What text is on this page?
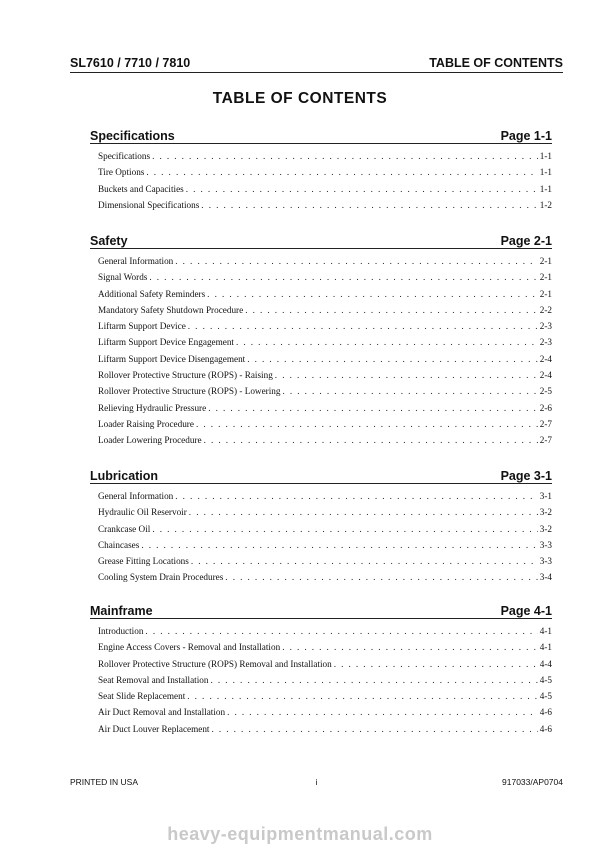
SL7610 / 7710 / 7810	TABLE OF CONTENTS
TABLE OF CONTENTS
Specifications	Page 1-1
Specifications . . .	1-1
Tire Options . . .	1-1
Buckets and Capacities . . .	1-1
Dimensional Specifications . . .	1-2
Safety	Page 2-1
General Information . . .	2-1
Signal Words . . .	2-1
Additional Safety Reminders . . .	2-1
Mandatory Safety Shutdown Procedure . . .	2-2
Liftarm Support Device . . .	2-3
Liftarm Support Device Engagement . . .	2-3
Liftarm Support Device Disengagement . . .	2-4
Rollover Protective Structure (ROPS) - Raising . . .	2-4
Rollover Protective Structure (ROPS) - Lowering . . .	2-5
Relieving Hydraulic Pressure . . .	2-6
Loader Raising Procedure . . .	2-7
Loader Lowering Procedure . . .	2-7
Lubrication	Page 3-1
General Information . . .	3-1
Hydraulic Oil Reservoir . . .	3-2
Crankcase Oil . . .	3-2
Chaincases . . .	3-3
Grease Fitting Locations . . .	3-3
Cooling System Drain Procedures . . .	3-4
Mainframe	Page 4-1
Introduction . . .	4-1
Engine Access Covers - Removal and Installation . . .	4-1
Rollover Protective Structure (ROPS) Removal and Installation . . .	4-4
Seat Removal and Installation . . .	4-5
Seat Slide Replacement . . .	4-5
Air Duct Removal and Installation . . .	4-6
Air Duct Louver Replacement . . .	4-6
PRINTED IN USA	i	917033/AP0704
heavy-equipmentmanual.com
